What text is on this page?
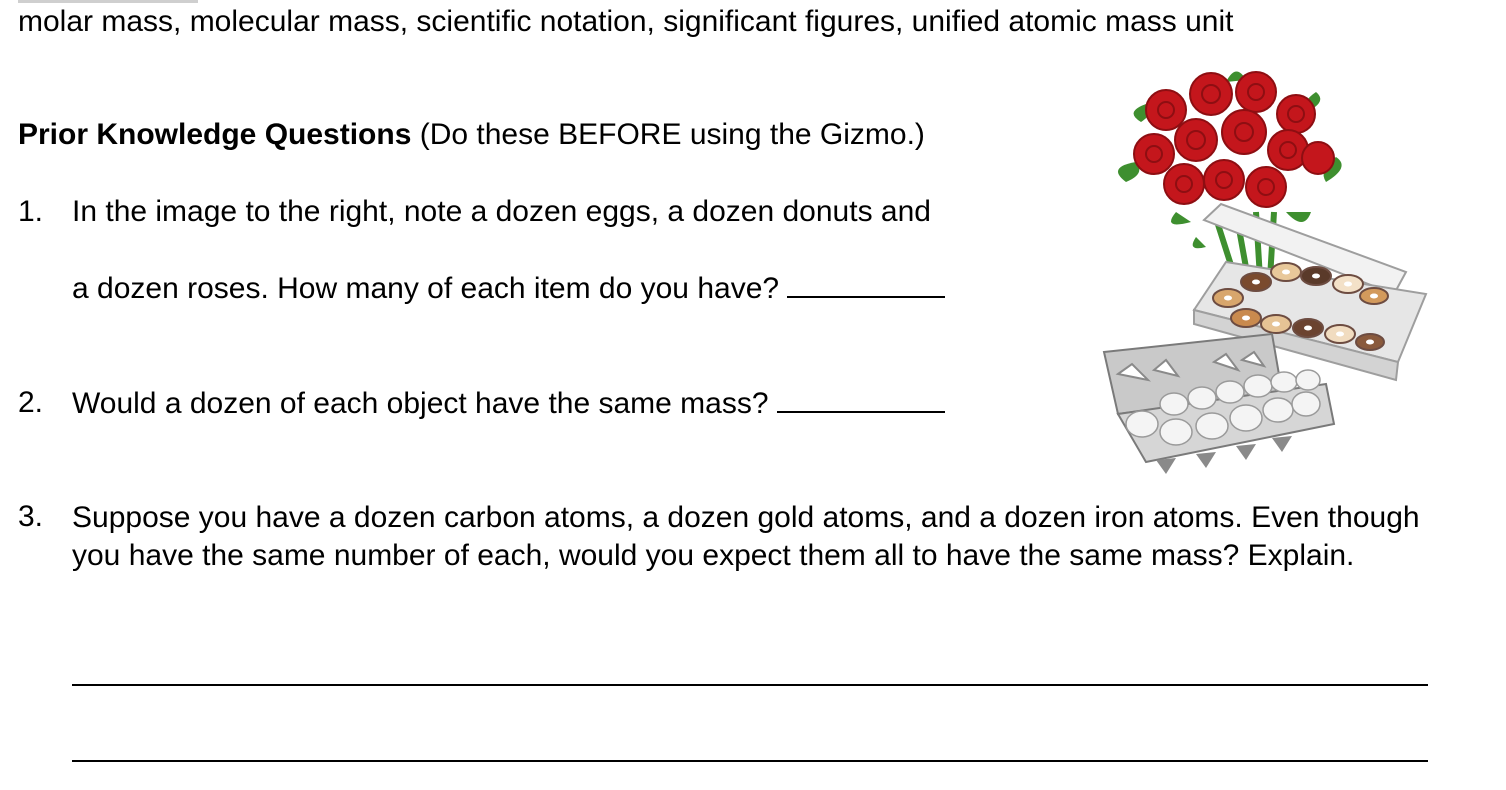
molar mass, molecular mass, scientific notation, significant figures, unified atomic mass unit
Prior Knowledge Questions (Do these BEFORE using the Gizmo.)
1. In the image to the right, note a dozen eggs, a dozen donuts and
a dozen roses. How many of each item do you have?
2. Would a dozen of each object have the same mass?
3. Suppose you have a dozen carbon atoms, a dozen gold atoms, and a dozen iron atoms. Even though you have the same number of each, would you expect them all to have the same mass? Explain.
